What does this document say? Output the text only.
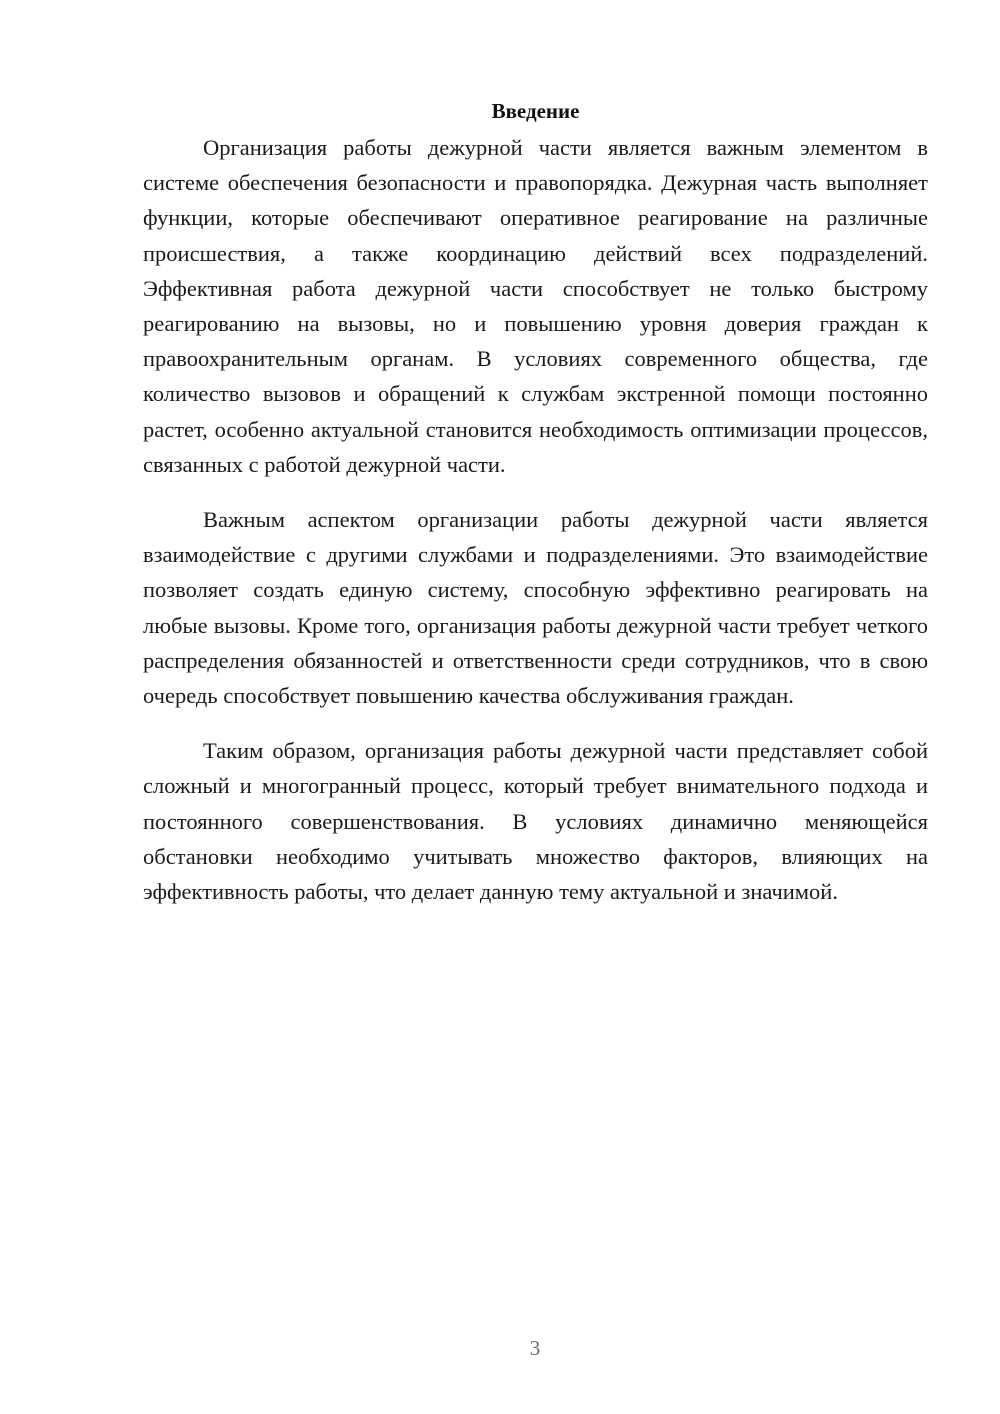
Введение

Организация работы дежурной части является важным элементом в системе обеспечения безопасности и правопорядка. Дежурная часть выполняет функции, которые обеспечивают оперативное реагирование на различные происшествия, а также координацию действий всех подразделений. Эффективная работа дежурной части способствует не только быстрому реагированию на вызовы, но и повышению уровня доверия граждан к правоохранительным органам. В условиях современного общества, где количество вызовов и обращений к службам экстренной помощи постоянно растет, особенно актуальной становится необходимость оптимизации процессов, связанных с работой дежурной части.

Важным аспектом организации работы дежурной части является взаимодействие с другими службами и подразделениями. Это взаимодействие позволяет создать единую систему, способную эффективно реагировать на любые вызовы. Кроме того, организация работы дежурной части требует четкого распределения обязанностей и ответственности среди сотрудников, что в свою очередь способствует повышению качества обслуживания граждан.

Таким образом, организация работы дежурной части представляет собой сложный и многогранный процесс, который требует внимательного подхода и постоянного совершенствования. В условиях динамично меняющейся обстановки необходимо учитывать множество факторов, влияющих на эффективность работы, что делает данную тему актуальной и значимой.

3
